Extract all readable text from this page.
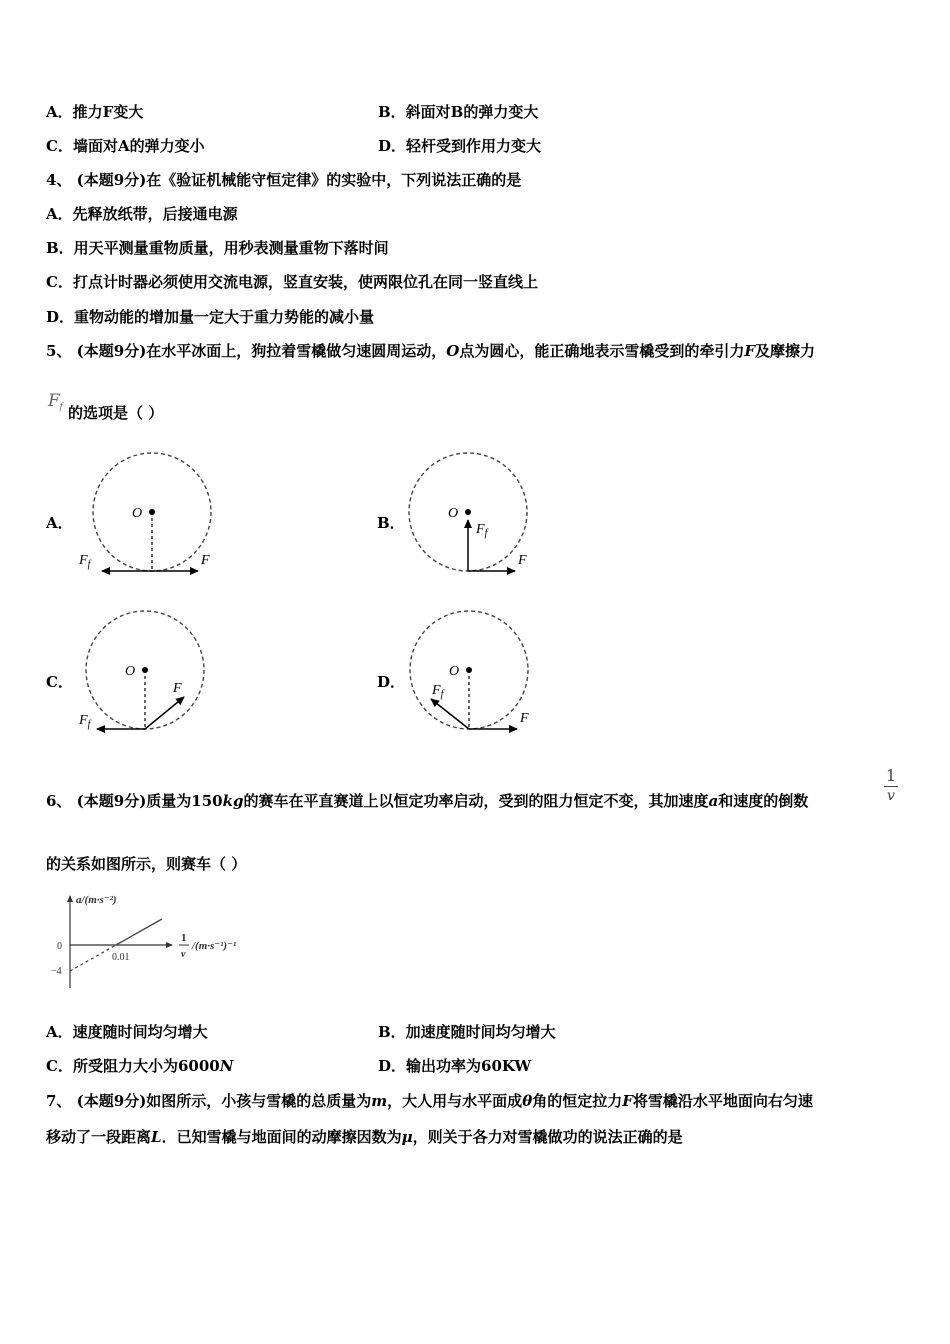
A．推力F变大	B．斜面对B的弹力变大
C．墙面对A的弹力变小	D．轻杆受到作用力变大
4、 (本题9分)在《验证机械能守恒定律》的实验中，下列说法正确的是
A．先释放纸带，后接通电源
B．用天平测量重物质量，用秒表测量重物下落时间
C．打点计时器必须使用交流电源，竖直安装，使两限位孔在同一竖直线上
D．重物动能的增加量一定大于重力势能的减小量
5、 (本题9分)在水平冰面上，狗拉着雪橇做匀速圆周运动，O点为圆心，能正确地表示雪橇受到的牵引力F及摩擦力
Ff 的选项是（ ）
A．	B．
C．	D．
O
F
$F_f$
O
$F_f$
F
O
F
$F_f$
O
$F_f$
F
6、 (本题9分)质量为150kg的赛车在平直赛道上以恒定功率启动，受到的阻力恒定不变，其加速度a和速度的倒数
1
v
的关系如图所示，则赛车（ ）
a/(m·s⁻²)
0
−4
0.01
1
v
/(m·s⁻¹)⁻¹
A．速度随时间均匀增大	B．加速度随时间均匀增大
C．所受阻力大小为6000N	D．输出功率为60KW
7、 (本题9分)如图所示，小孩与雪橇的总质量为m，大人用与水平面成θ角的恒定拉力F将雪橇沿水平地面向右匀速
移动了一段距离L．已知雪橇与地面间的动摩擦因数为μ，则关于各力对雪橇做功的说法正确的是
